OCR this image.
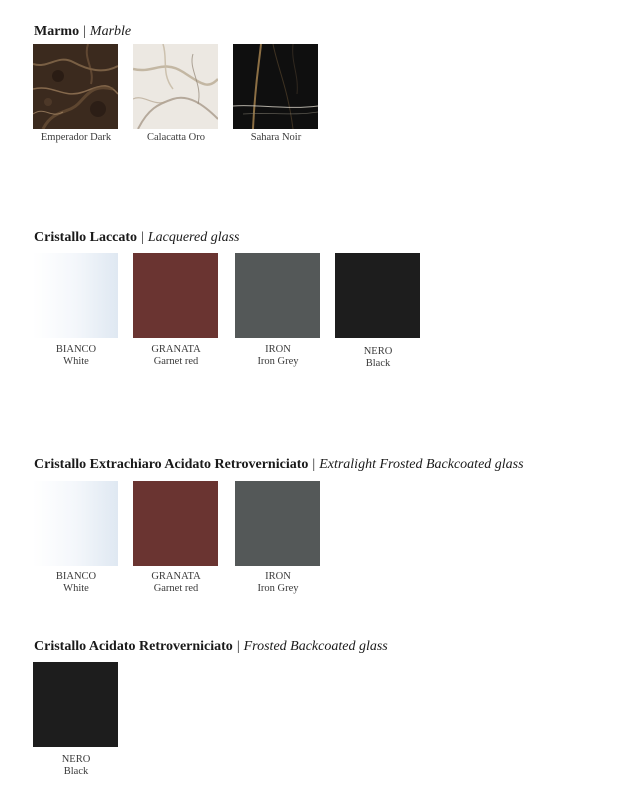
Marmo | Marble
Emperador Dark	Calacatta Oro	Sahara Noir
Cristallo Laccato | Lacquered glass
BIANCO
White
GRANATA
Garnet red
IRON
Iron Grey
NERO
Black
Cristallo Extrachiaro Acidato Retroverniciato | Extralight Frosted Backcoated glass
BIANCO
White
GRANATA
Garnet red
IRON
Iron Grey
Cristallo Acidato Retroverniciato | Frosted Backcoated glass
NERO
Black
